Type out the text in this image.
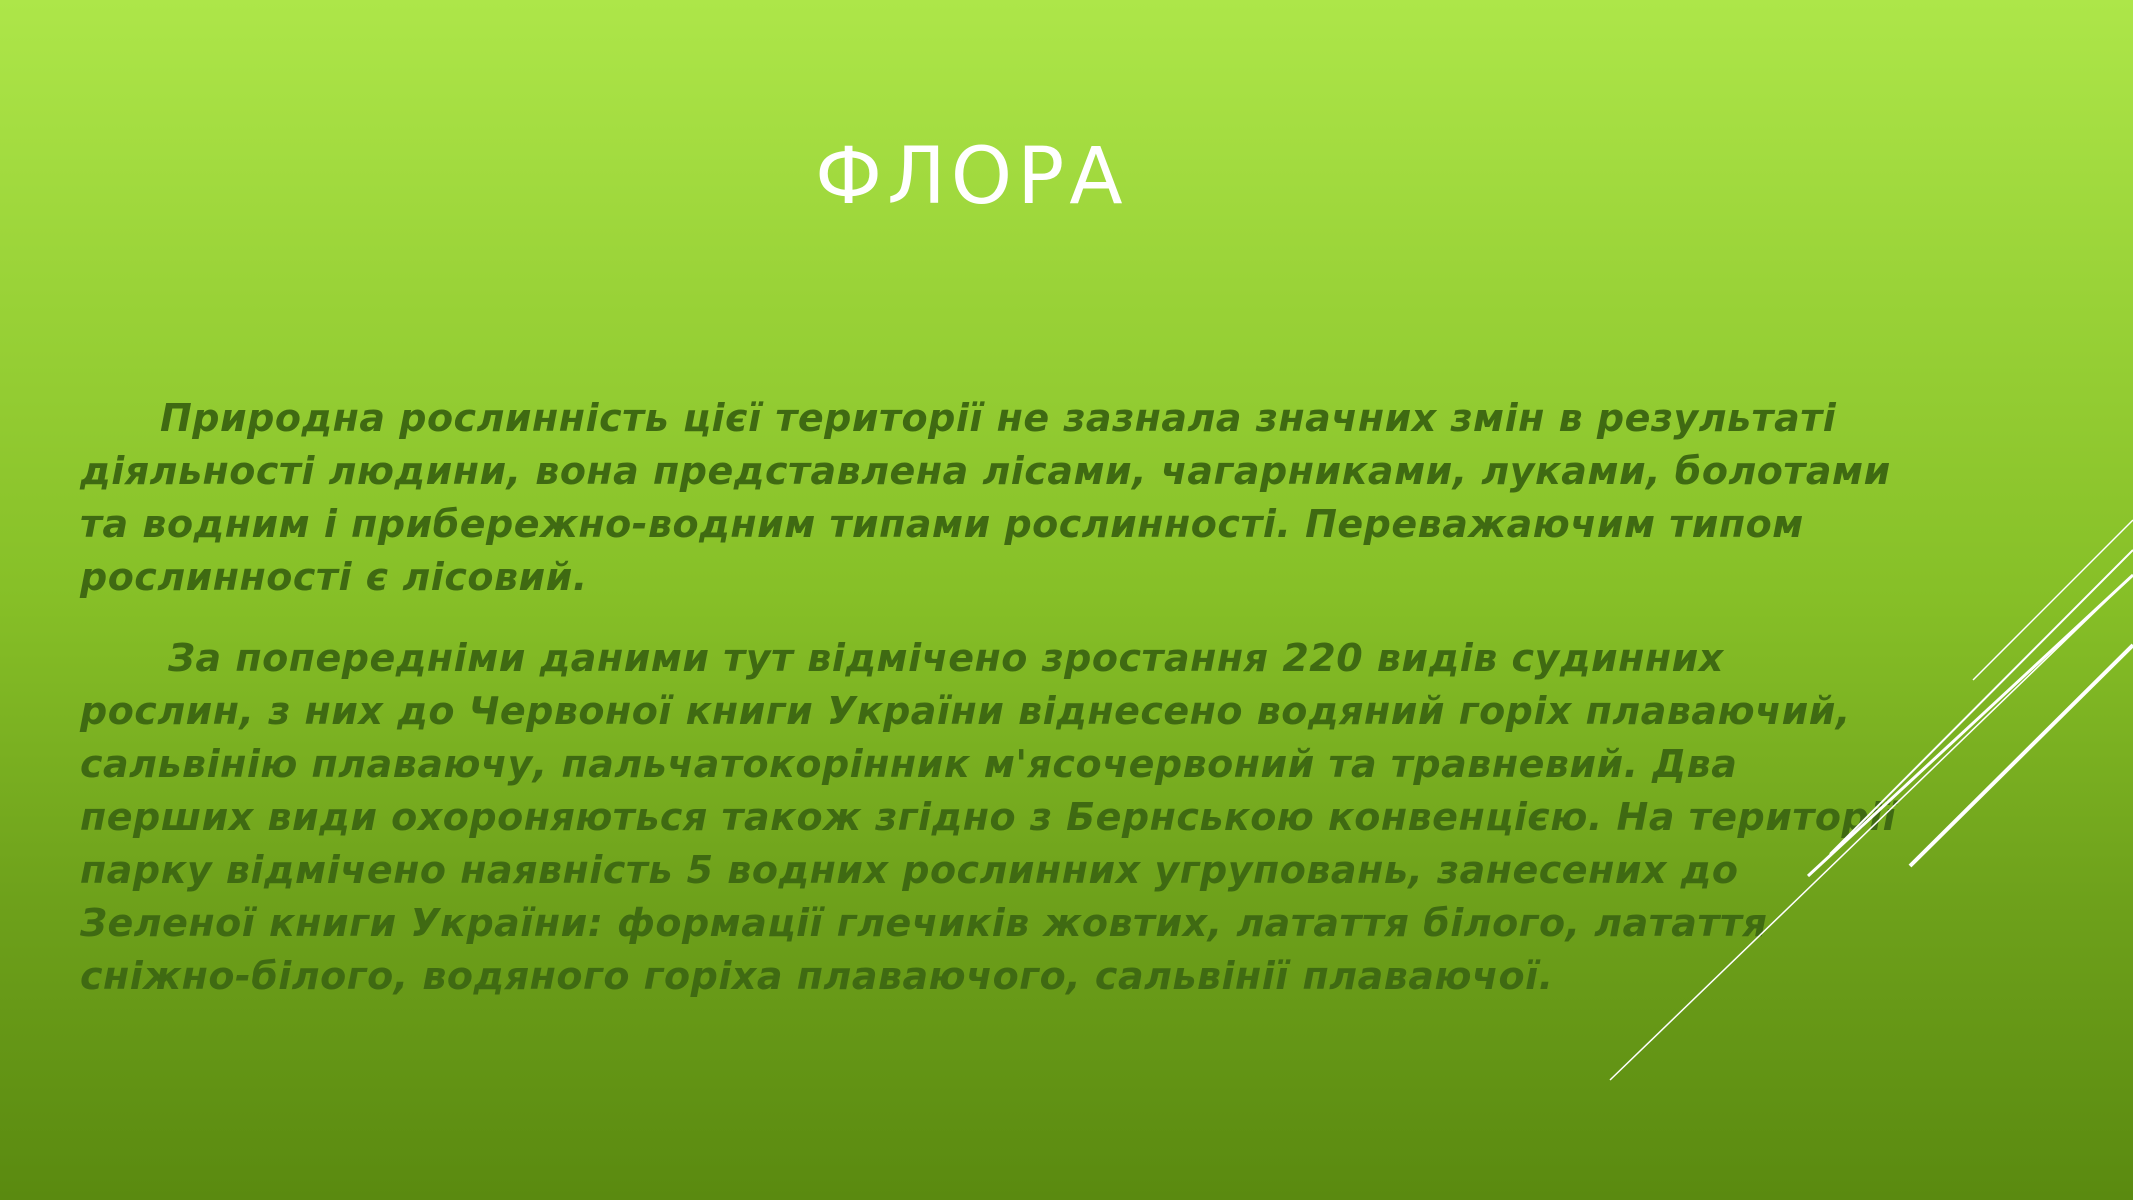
ФЛОРА

Природна рослинність цієї території не зазнала значних змін в результаті діяльності людини, вона представлена лісами, чагарниками, луками, болотами та водним і прибережно-водним типами рослинності. Переважаючим типом рослинності є лісовий.

За попередніми даними тут відмічено зростання 220 видів судинних рослин, з них до Червоної книги України віднесено водяний горіх плаваючий, сальвінію плаваючу, пальчатокорінник м'ясочервоний та травневий. Два перших види охороняються також згідно з Бернською конвенцією. На території парку відмічено наявність 5 водних рослинних угруповань, занесених до Зеленої книги України: формації глечиків жовтих, латаття білого, латаття сніжно-білого, водяного горіха плаваючого, сальвінії плаваючої.
